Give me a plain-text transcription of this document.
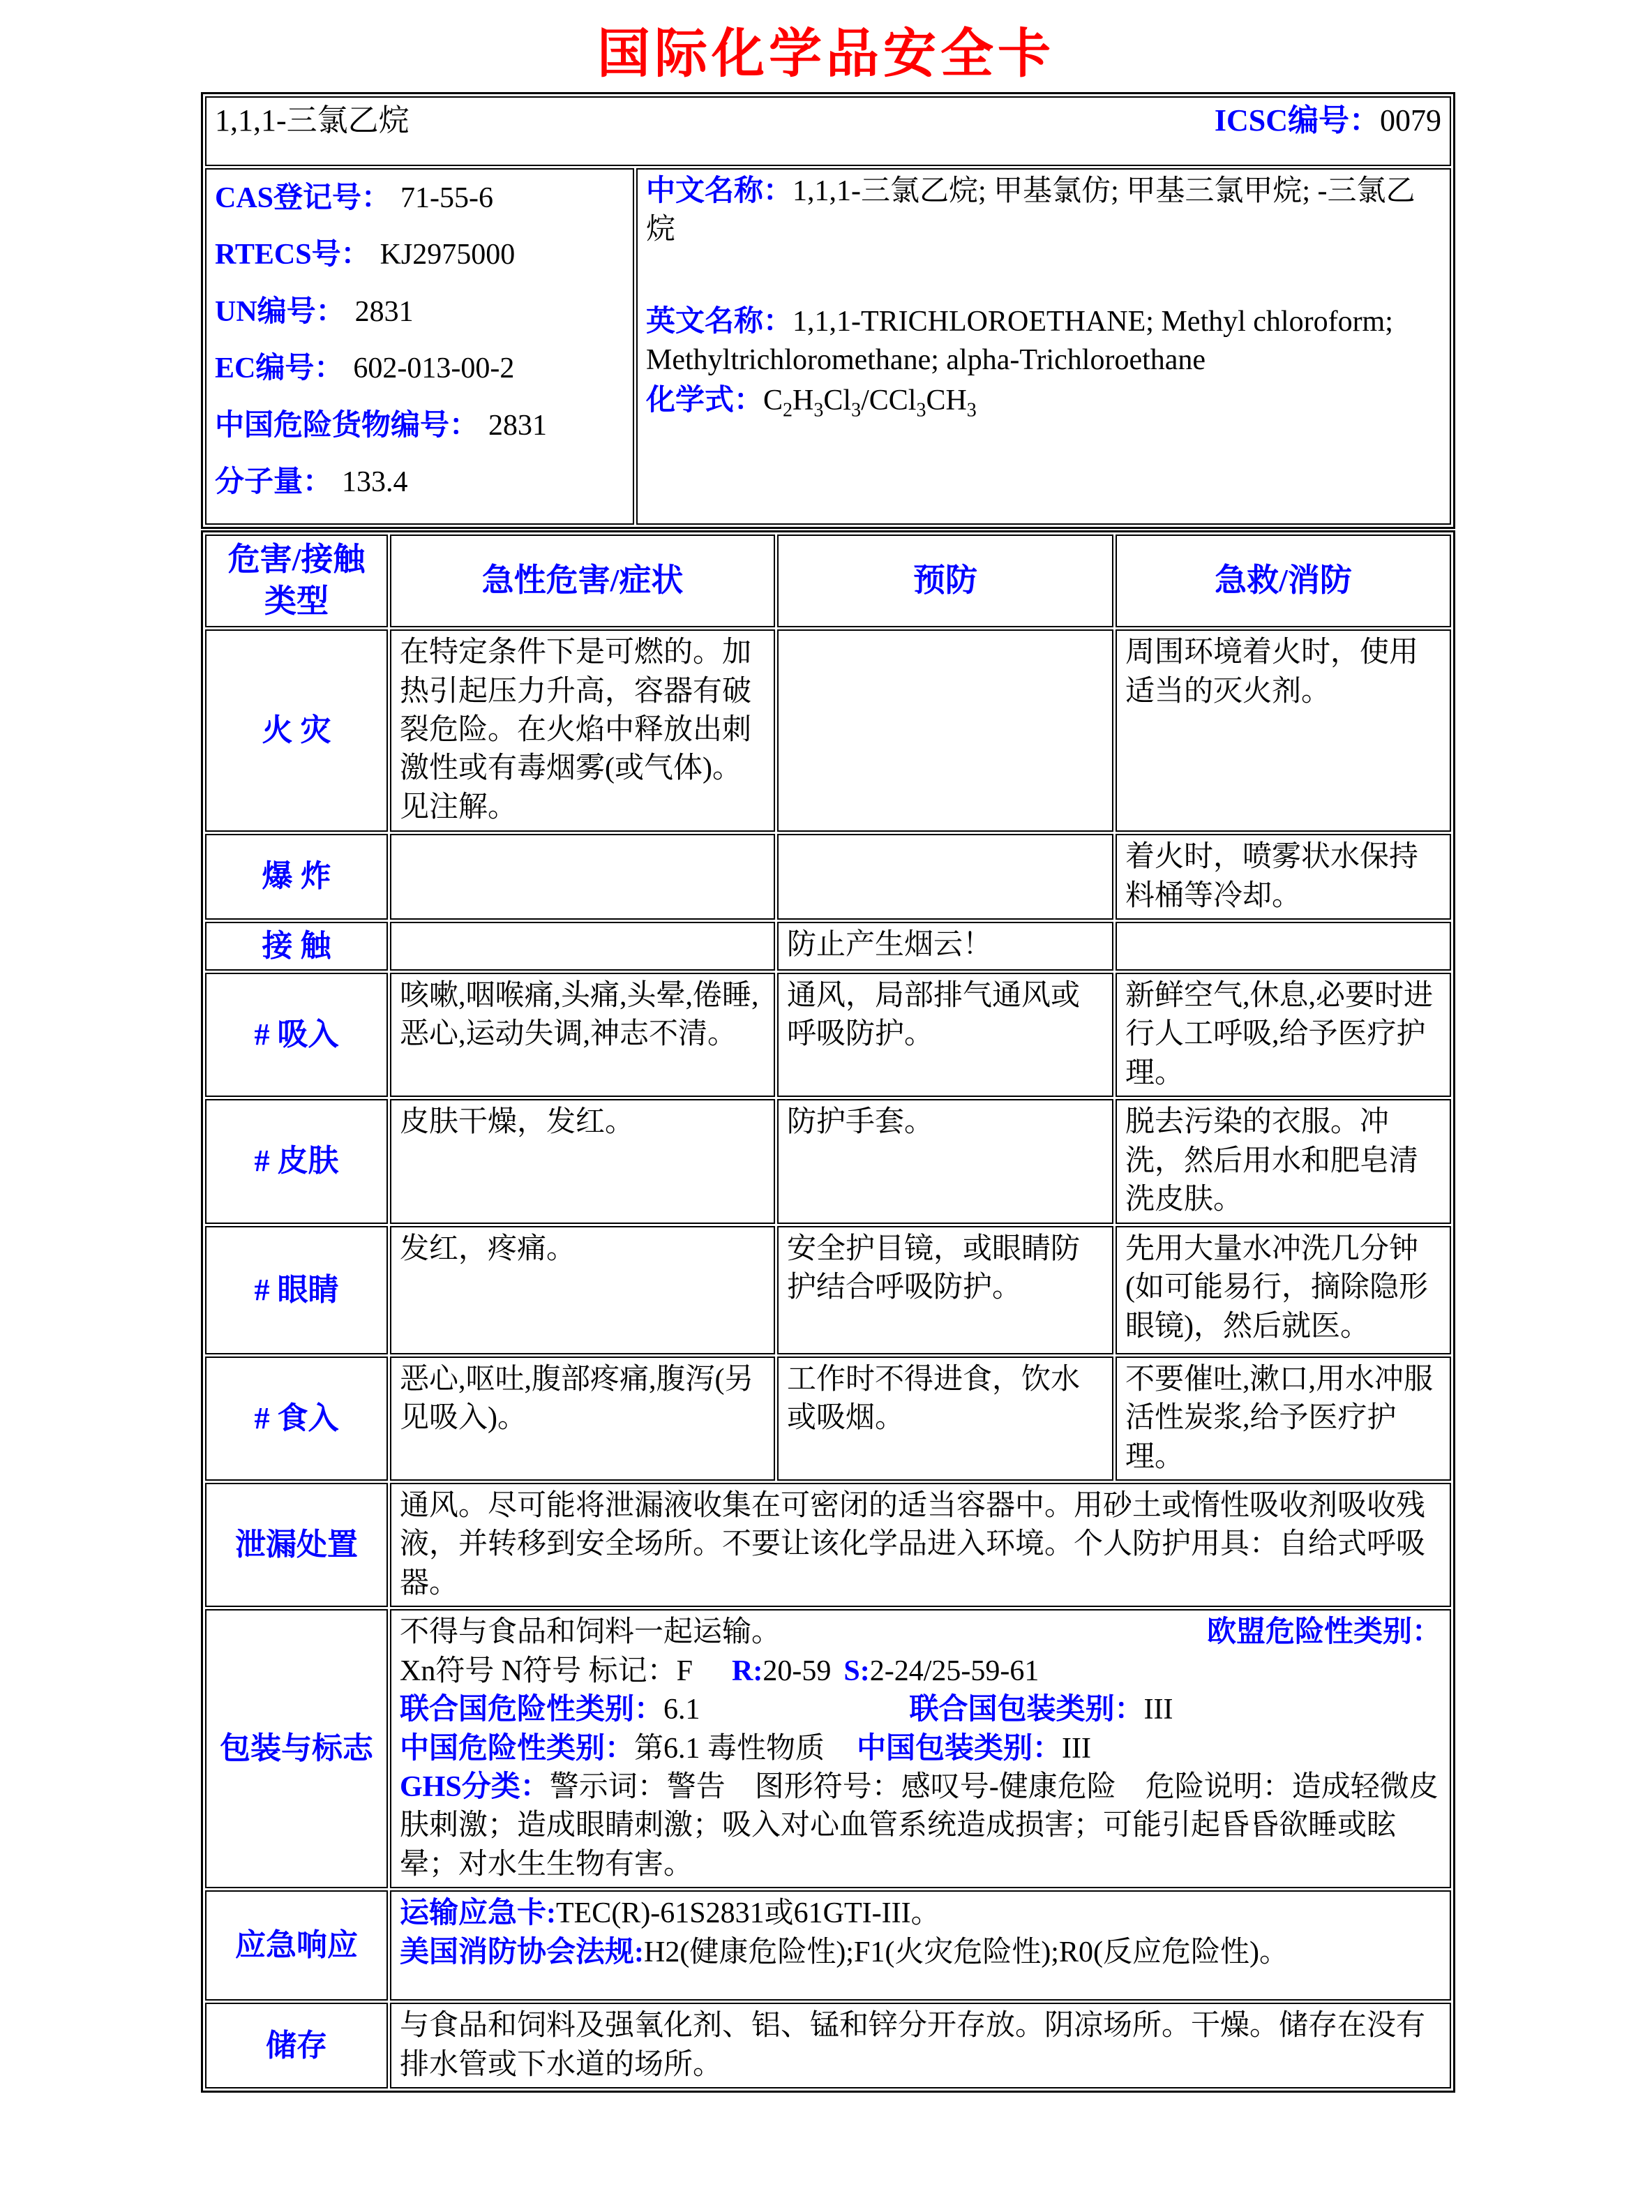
国际化学品安全卡
1,1,1-三氯乙烷	ICSC编号：0079

CAS登记号： 71-55-6
RTECS号： KJ2975000
UN编号： 2831
EC编号： 602-013-00-2
中国危险货物编号： 2831
分子量： 133.4

中文名称：1,1,1-三氯乙烷; 甲基氯仿; 甲基三氯甲烷; -三氯乙烷
英文名称：1,1,1-TRICHLOROETHANE; Methyl chloroform; Methyltrichloromethane; alpha-Trichloroethane
化学式：$C_2H_3Cl_3/CCl_3CH_3$
危害/接触
类型	急性危害/症状	预防	急救/消防
火 灾	在特定条件下是可燃的。加热引起压力升高，容器有破裂危险。在火焰中释放出刺激性或有毒烟雾(或气体)。见注解。		周围环境着火时，使用适当的灭火剂。
爆 炸			着火时，喷雾状水保持料桶等冷却。
接 触		防止产生烟云！	
# 吸入	咳嗽,咽喉痛,头痛,头晕,倦睡,恶心,运动失调,神志不清。	通风，局部排气通风或呼吸防护。	新鲜空气,休息,必要时进行人工呼吸,给予医疗护理。
# 皮肤	皮肤干燥，发红。	防护手套。	脱去污染的衣服。冲洗，然后用水和肥皂清洗皮肤。
# 眼睛	发红，疼痛。	安全护目镜，或眼睛防护结合呼吸防护。	先用大量水冲洗几分钟(如可能易行，摘除隐形眼镜)，然后就医。
# 食入	恶心,呕吐,腹部疼痛,腹泻(另见吸入)。	工作时不得进食，饮水或吸烟。	不要催吐,漱口,用水冲服活性炭浆,给予医疗护理。
泄漏处置	通风。尽可能将泄漏液收集在可密闭的适当容器中。用砂土或惰性吸收剂吸收残液，并转移到安全场所。不要让该化学品进入环境。个人防护用具：自给式呼吸器。		
包装与标志	
不得与食品和饲料一起运输。	欧盟危险性类别：
Xn符号 N符号 标记：F R:20-59 S:2-24/25-59-61
联合国危险性类别：6.1	联合国包装类别：III
中国危险性类别：第6.1 毒性物质 中国包装类别：III
GHS分类：警示词：警告　图形符号：感叹号-健康危险　危险说明：造成轻微皮肤刺激；造成眼睛刺激；吸入对心血管系统造成损害；可能引起昏昏欲睡或眩晕；对水生生物有害。

应急响应	运输应急卡:TEC(R)-61S2831或61GTI-III。
美国消防协会法规:H2(健康危险性);F1(火灾危险性);R0(反应危险性)。		

储存	与食品和饲料及强氧化剂、铝、锰和锌分开存放。阴凉场所。干燥。储存在没有排水管或下水道的场所。		
